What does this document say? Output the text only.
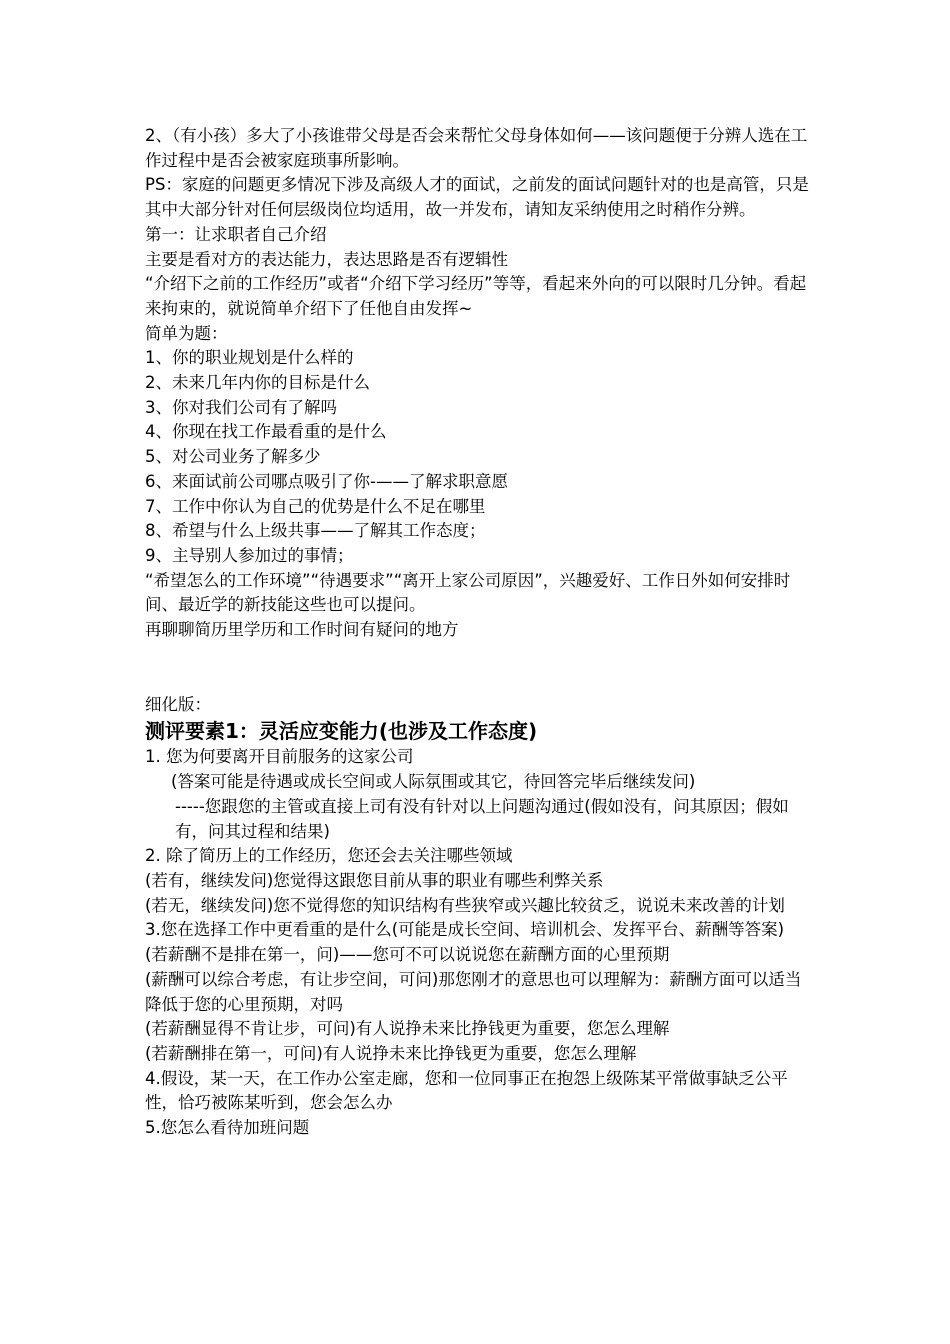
2、（有小孩）多大了小孩谁带父母是否会来帮忙父母身体如何——该问题便于分辨人选在工作过程中是否会被家庭琐事所影响。

PS：家庭的问题更多情况下涉及高级人才的面试，之前发的面试问题针对的也是高管，只是其中大部分针对任何层级岗位均适用，故一并发布，请知友采纳使用之时稍作分辨。

第一：让求职者自己介绍

主要是看对方的表达能力，表达思路是否有逻辑性

“介绍下之前的工作经历”或者“介绍下学习经历”等等，看起来外向的可以限时几分钟。看起来拘束的，就说简单介绍下了任他自由发挥~

简单为题：

1、你的职业规划是什么样的

2、未来几年内你的目标是什么

3、你对我们公司有了解吗

4、你现在找工作最看重的是什么

5、对公司业务了解多少

6、来面试前公司哪点吸引了你-——了解求职意愿

7、工作中你认为自己的优势是什么不足在哪里

8、希望与什么上级共事——了解其工作态度；

9、主导别人参加过的事情；

“希望怎么的工作环境”“待遇要求”“离开上家公司原因”，兴趣爱好、工作日外如何安排时间、最近学的新技能这些也可以提问。

再聊聊简历里学历和工作时间有疑问的地方

细化版：

测评要素1：灵活应变能力(也涉及工作态度)

1. 您为何要离开目前服务的这家公司

(答案可能是待遇或成长空间或人际氛围或其它，待回答完毕后继续发问)

-----您跟您的主管或直接上司有没有针对以上问题沟通过(假如没有，问其原因；假如有，问其过程和结果)

2. 除了简历上的工作经历，您还会去关注哪些领域

(若有，继续发问)您觉得这跟您目前从事的职业有哪些利弊关系

(若无，继续发问)您不觉得您的知识结构有些狭窄或兴趣比较贫乏，说说未来改善的计划

3.您在选择工作中更看重的是什么(可能是成长空间、培训机会、发挥平台、薪酬等答案)

(若薪酬不是排在第一，问)——您可不可以说说您在薪酬方面的心里预期

(薪酬可以综合考虑，有让步空间，可问)那您刚才的意思也可以理解为：薪酬方面可以适当降低于您的心里预期，对吗

(若薪酬显得不肯让步，可问)有人说挣未来比挣钱更为重要，您怎么理解

(若薪酬排在第一，可问)有人说挣未来比挣钱更为重要，您怎么理解

4.假设，某一天，在工作办公室走廊，您和一位同事正在抱怨上级陈某平常做事缺乏公平性，恰巧被陈某听到，您会怎么办

5.您怎么看待加班问题
